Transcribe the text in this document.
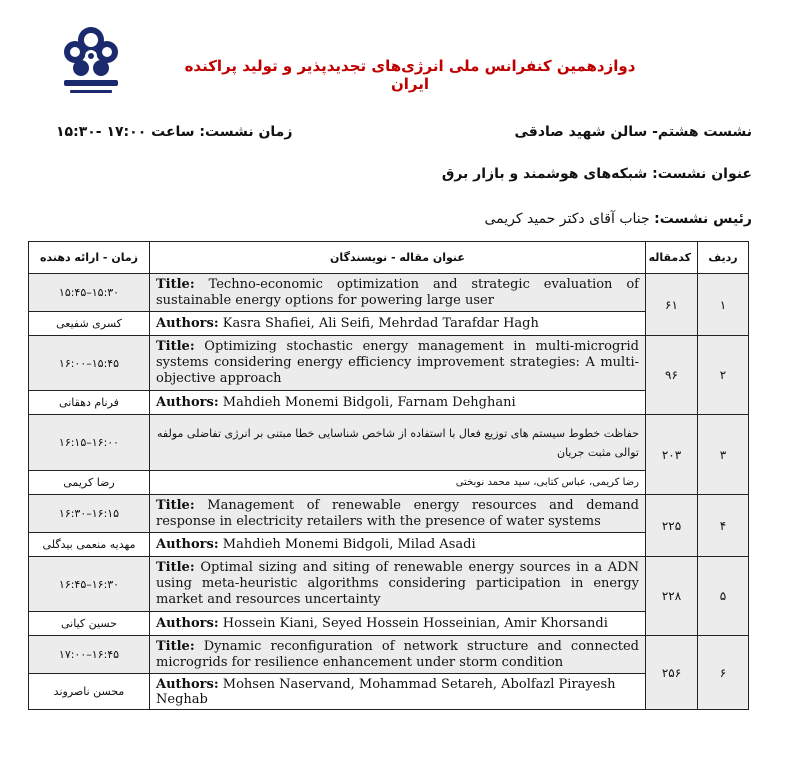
دوازدهمین کنفرانس ملی انرژی‌های تجدیدپذیر و تولید پراکنده ایران
نشست هشتم- سالن شهید صادقی
زمان نشست: ساعت ۱۷:۰۰ -۱۵:۳۰
عنوان نشست: شبکه‌های هوشمند و بازار برق
رئیس نشست: جناب آقای دکتر حمید کریمی
زمان - ارائه دهنده	عنوان مقاله - نویسندگان	کدمقاله	ردیف
۱۵:۳۰–۱۵:۴۵	Title: Techno-economic optimization and strategic evaluation of sustainable energy options for powering large user	۶۱	۱
کسری شفیعی	Authors: Kasra Shafiei, Ali Seifi, Mehrdad Tarafdar Hagh		
۱۵:۴۵–۱۶:۰۰	Title: Optimizing stochastic energy management in multi-microgrid systems considering energy efficiency improvement strategies: A multi-objective approach	۹۶	۲
فرنام دهقانی	Authors: Mahdieh Monemi Bidgoli, Farnam Dehghani		
۱۶:۰۰–۱۶:۱۵	حفاظت خطوط سیستم های توزیع فعال با استفاده از شاخص شناسایی خطا مبتنی بر انرژی تفاضلی مولفه توالی مثبت جریان	۲۰۳	۳
رضا کریمی	رضا کریمی، عباس کتابی، سید محمد نوبختی		
۱۶:۱۵–۱۶:۳۰	Title: Management of renewable energy resources and demand response in electricity retailers with the presence of water systems	۲۲۵	۴
مهدیه منعمی بیدگلی	Authors: Mahdieh Monemi Bidgoli, Milad Asadi		
۱۶:۳۰–۱۶:۴۵	Title: Optimal sizing and siting of renewable energy sources in a ADN using meta-heuristic algorithms considering participation in energy market and resources uncertainty	۲۲۸	۵
حسین کیانی	Authors: Hossein Kiani, Seyed Hossein Hosseinian, Amir Khorsandi		
۱۶:۴۵–۱۷:۰۰	Title: Dynamic reconfiguration of network structure and connected microgrids for resilience enhancement under storm condition	۲۵۶	۶
محسن ناصروند	Authors: Mohsen Naservand, Mohammad Setareh, Abolfazl Pirayesh Neghab		
